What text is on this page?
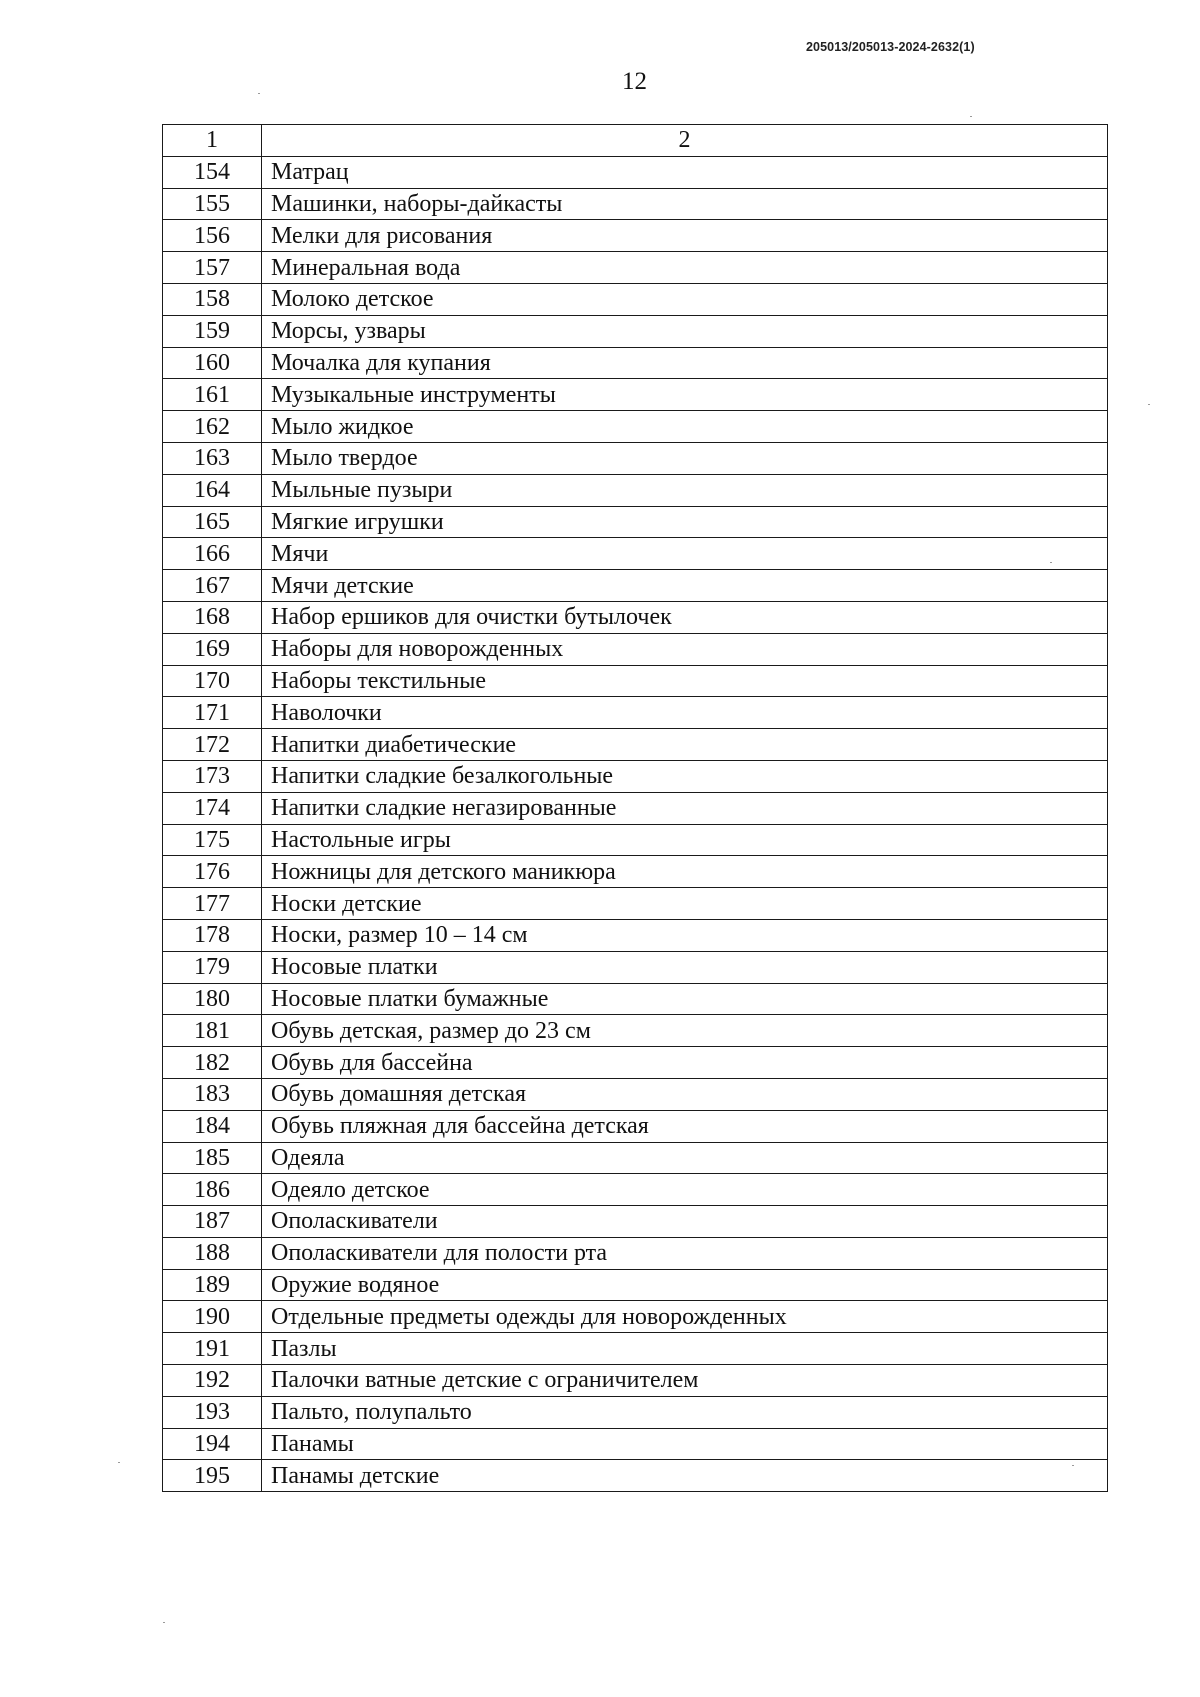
205013/205013-2024-2632(1)
12
1	2
154	Матрац
155	Машинки, наборы-дайкасты
156	Мелки для рисования
157	Минеральная вода
158	Молоко детское
159	Морсы, узвары
160	Мочалка для купания
161	Музыкальные инструменты
162	Мыло жидкое
163	Мыло твердое
164	Мыльные пузыри
165	Мягкие игрушки
166	Мячи
167	Мячи детские
168	Набор ершиков для очистки бутылочек
169	Наборы для новорожденных
170	Наборы текстильные
171	Наволочки
172	Напитки диабетические
173	Напитки сладкие безалкогольные
174	Напитки сладкие негазированные
175	Настольные игры
176	Ножницы для детского маникюра
177	Носки детские
178	Носки, размер 10 – 14 см
179	Носовые платки
180	Носовые платки бумажные
181	Обувь детская, размер до 23 см
182	Обувь для бассейна
183	Обувь домашняя детская
184	Обувь пляжная для бассейна детская
185	Одеяла
186	Одеяло детское
187	Ополаскиватели
188	Ополаскиватели для полости рта
189	Оружие водяное
190	Отдельные предметы одежды для новорожденных
191	Пазлы
192	Палочки ватные детские с ограничителем
193	Пальто, полупальто
194	Панамы
195	Панамы детские
